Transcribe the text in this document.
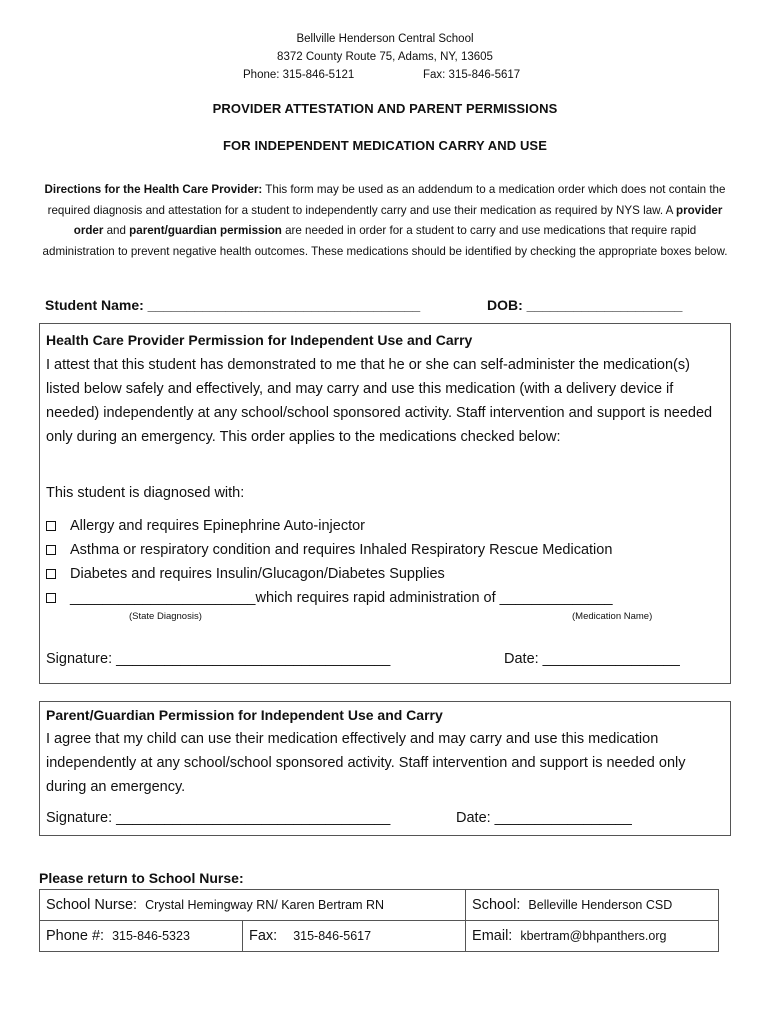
Bellville Henderson Central School
8372 County Route 75, Adams, NY, 13605
Phone: 315-846-5121	Fax: 315-846-5617
PROVIDER ATTESTATION AND PARENT PERMISSIONS
FOR INDEPENDENT MEDICATION CARRY AND USE
Directions for the Health Care Provider: This form may be used as an addendum to a medication order which does not contain the required diagnosis and attestation for a student to independently carry and use their medication as required by NYS law. A provider order and parent/guardian permission are needed in order for a student to carry and use medications that require rapid administration to prevent negative health outcomes. These medications should be identified by checking the appropriate boxes below.
Student Name: ___________________________________	DOB: ____________________
Health Care Provider Permission for Independent Use and Carry
I attest that this student has demonstrated to me that he or she can self-administer the medication(s) listed below safely and effectively, and may carry and use this medication (with a delivery device if needed) independently at any school/school sponsored activity. Staff intervention and support is needed only during an emergency. This order applies to the medications checked below:
This student is diagnosed with:
Allergy and requires Epinephrine Auto-injector
Asthma or respiratory condition and requires Inhaled Respiratory Rescue Medication
Diabetes and requires Insulin/Glucagon/Diabetes Supplies
_______________________which requires rapid administration of ______________
(State Diagnosis)	(Medication Name)
Signature: __________________________________	Date: _________________
Parent/Guardian Permission for Independent Use and Carry
I agree that my child can use their medication effectively and may carry and use this medication independently at any school/school sponsored activity. Staff intervention and support is needed only during an emergency.
Signature: __________________________________	Date: _________________
Please return to School Nurse:
School Nurse: Crystal Hemingway RN/ Karen Bertram RN		School: Belleville Henderson CSD
Phone #: 315-846-5323	Fax: 315-846-5617	Email: kbertram@bhpanthers.org
